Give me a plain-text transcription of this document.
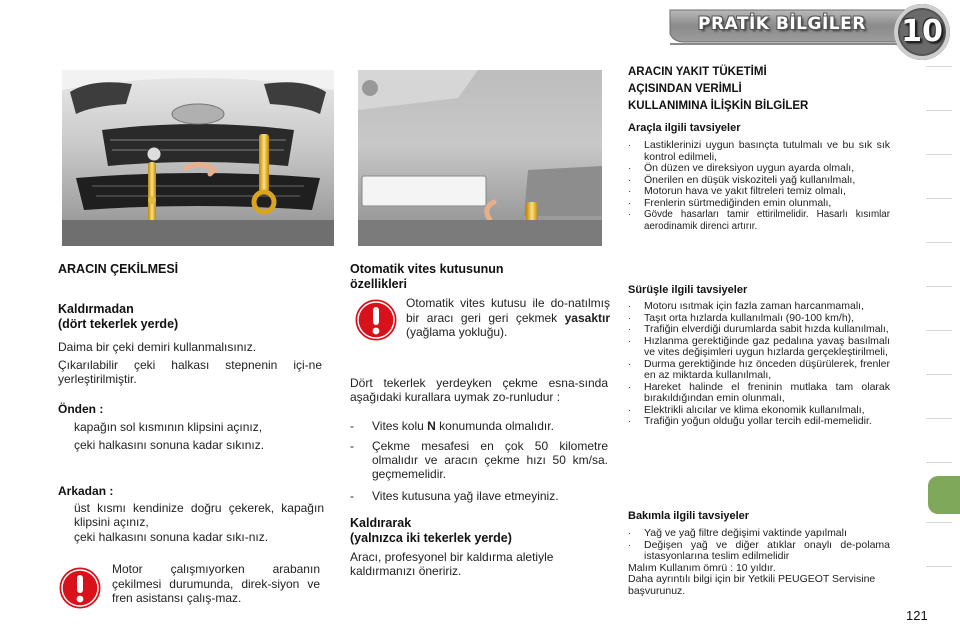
PRATİK BİLGİLER 10
ARACIN ÇEKİLMESİ
Kaldırmadan
(dört tekerlek yerde)
Daima bir çeki demiri kullanmalısınız.
Çıkarılabilir çeki halkası stepnenin içi-ne yerleştirilmiştir.
Önden :
kapağın sol kısmının klipsini açınız,
çeki halkasını sonuna kadar sıkınız.
Arkadan :
üst kısmı kendinize doğru çekerek, kapağın klipsini açınız,
çeki halkasını sonuna kadar sıkı-nız.
Motor çalışmıyorken arabanın çekilmesi durumunda, direk-siyon ve fren asistansı çalış-maz.
Otomatik vites kutusunun
özellikleri
Otomatik vites kutusu ile do-natılmış bir aracı geri geri çekmek yasaktır (yağlama yokluğu).
Dört tekerlek yerdeyken çekme esna-sında aşağıdaki kurallara uymak zo-runludur :
-	Vites kolu N konumunda olmalıdır.
-	Çekme mesafesi en çok 50 kilometre olmalıdır ve aracın çekme hızı 50 km/sa. geçmemelidir.
-	Vites kutusuna yağ ilave etmeyiniz.
Kaldırarak
(yalnızca iki tekerlek yerde)
Aracı, profesyonel bir kaldırma aletiyle kaldırmanızı öneririz.
ARACIN YAKIT TÜKETİMİ
AÇISINDAN VERİMLİ
KULLANIMINA İLİŞKİN BİLGİLER
Araçla ilgili tavsiyeler
·	Lastiklerinizi uygun basınçta tutulmalı ve bu sık sık kontrol edilmeli,
·	Ön düzen ve direksiyon uygun ayarda olmalı,
·	Önerilen en düşük viskoziteli yağ kullanılmalı,
·	Motorun hava ve yakıt filtreleri temiz olmalı,
·	Frenlerin sürtmediğinden emin olunmalı,
·	Gövde hasarları tamir ettirilmelidir. Hasarlı kısımlar aerodinamik direnci artırır.
Sürüşle ilgili tavsiyeler
·	Motoru ısıtmak için fazla zaman harcanmamalı,
·	Taşıt orta hızlarda kullanılmalı (90-100 km/h),
·	Trafiğin elverdiği durumlarda sabit hızda kullanılmalı,
·	Hızlanma gerektiğinde gaz pedalına yavaş basılmalı ve vites değişimleri uygun hızlarda gerçekleştirilmeli,
·	Durma gerektiğinde hız önceden düşürülerek, frenler en az miktarda kullanılmalı,
·	Hareket halinde el freninin mutlaka tam olarak bırakıldığından emin olunmalı,
·	Elektrikli alıcılar ve klima ekonomik kullanılmalı,
·	Trafiğin yoğun olduğu yollar tercih edil-memelidir.
Bakımla ilgili tavsiyeler
·	Yağ ve yağ filtre değişimi vaktinde yapılmalı
·	Değişen yağ ve diğer atıklar onaylı de-polama istasyonlarına teslim edilmelidir
Malım Kullanım ömrü : 10 yıldır.
Daha ayrıntılı bilgi için bir Yetkili PEUGEOT Servisine başvurunuz.
121
